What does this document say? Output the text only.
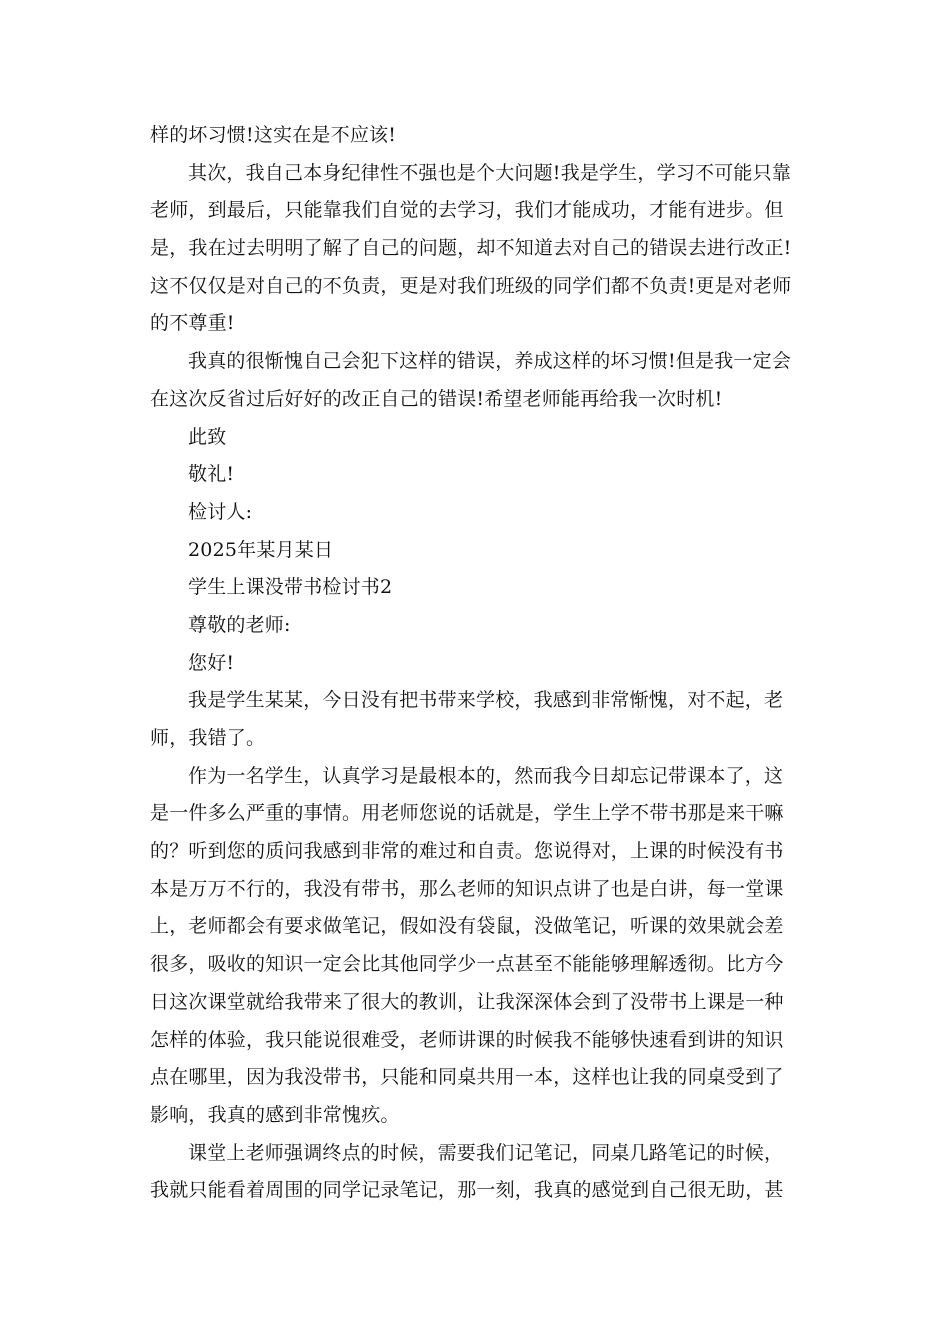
样的坏习惯!这实在是不应该!

其次，我自己本身纪律性不强也是个大问题!我是学生，学习不可能只靠

老师，到最后，只能靠我们自觉的去学习，我们才能成功，才能有进步。但

是，我在过去明明了解了自己的问题，却不知道去对自己的错误去进行改正!

这不仅仅是对自己的不负责，更是对我们班级的同学们都不负责!更是对老师

的不尊重!

我真的很惭愧自己会犯下这样的错误，养成这样的坏习惯!但是我一定会

在这次反省过后好好的改正自己的错误!希望老师能再给我一次时机!

此致

敬礼!

检讨人:

2025年某月某日

学生上课没带书检讨书2

尊敬的老师:

您好!

我是学生某某，今日没有把书带来学校，我感到非常惭愧，对不起，老

师，我错了。

作为一名学生，认真学习是最根本的，然而我今日却忘记带课本了，这

是一件多么严重的事情。用老师您说的话就是，学生上学不带书那是来干嘛

的？听到您的质问我感到非常的难过和自责。您说得对，上课的时候没有书

本是万万不行的，我没有带书，那么老师的知识点讲了也是白讲，每一堂课

上，老师都会有要求做笔记，假如没有袋鼠，没做笔记，听课的效果就会差

很多，吸收的知识一定会比其他同学少一点甚至不能能够理解透彻。比方今

日这次课堂就给我带来了很大的教训，让我深深体会到了没带书上课是一种

怎样的体验，我只能说很难受，老师讲课的时候我不能够快速看到讲的知识

点在哪里，因为我没带书，只能和同桌共用一本，这样也让我的同桌受到了

影响，我真的感到非常愧疚。

课堂上老师强调终点的时候，需要我们记笔记，同桌几路笔记的时候，

我就只能看着周围的同学记录笔记，那一刻，我真的感觉到自己很无助，甚
